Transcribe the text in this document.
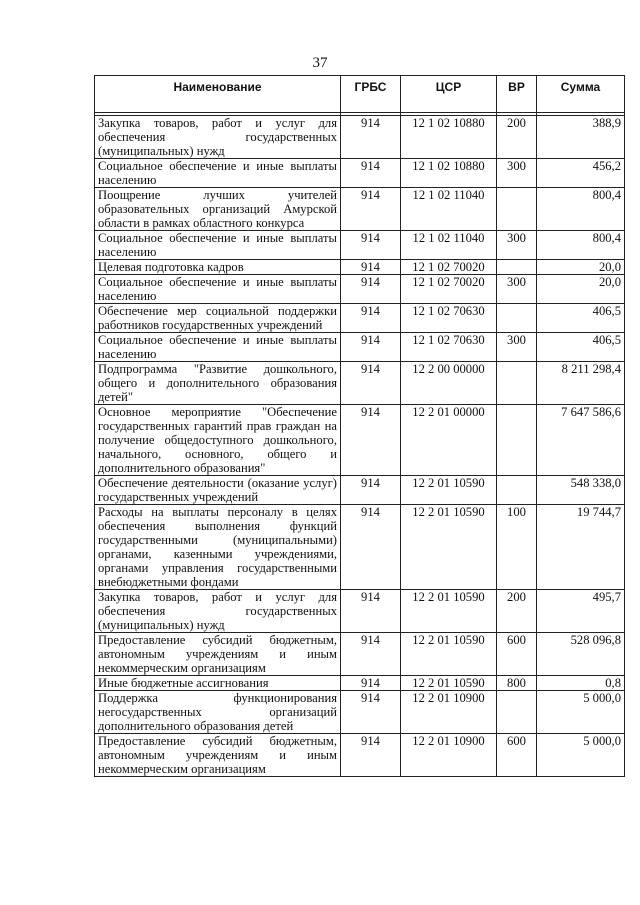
37
Наименование	ГРБС	ЦСР	ВР	Сумма

Закупка товаров, работ и услуг для обеспечения государственных (муниципальных) нужд	914	12 1 02 10880	200	388,9
Социальное обеспечение и иные выплаты населению	914	12 1 02 10880	300	456,2
Поощрение лучших учителей образовательных организаций Амурской области в рамках областного конкурса	914	12 1 02 11040		800,4
Социальное обеспечение и иные выплаты населению	914	12 1 02 11040	300	800,4
Целевая подготовка кадров	914	12 1 02 70020		20,0
Социальное обеспечение и иные выплаты населению	914	12 1 02 70020	300	20,0
Обеспечение мер социальной поддержки работников государственных учреждений	914	12 1 02 70630		406,5
Социальное обеспечение и иные выплаты населению	914	12 1 02 70630	300	406,5
Подпрограмма "Развитие дошкольного, общего и дополнительного образования детей"	914	12 2 00 00000		8 211 298,4
Основное мероприятие "Обеспечение государственных гарантий прав граждан на получение общедоступного дошкольного, начального, основного, общего и дополнительного образования"	914	12 2 01 00000		7 647 586,6
Обеспечение деятельности (оказание услуг) государственных учреждений	914	12 2 01 10590		548 338,0
Расходы на выплаты персоналу в целях обеспечения выполнения функций государственными (муниципальными) органами, казенными учреждениями, органами управления государственными внебюджетными фондами	914	12 2 01 10590	100	19 744,7
Закупка товаров, работ и услуг для обеспечения государственных (муниципальных) нужд	914	12 2 01 10590	200	495,7
Предоставление субсидий бюджетным, автономным учреждениям и иным некоммерческим организациям	914	12 2 01 10590	600	528 096,8
Иные бюджетные ассигнования	914	12 2 01 10590	800	0,8
Поддержка функционирования негосударственных организаций дополнительного образования детей	914	12 2 01 10900		5 000,0
Предоставление субсидий бюджетным, автономным учреждениям и иным некоммерческим организациям	914	12 2 01 10900	600	5 000,0
